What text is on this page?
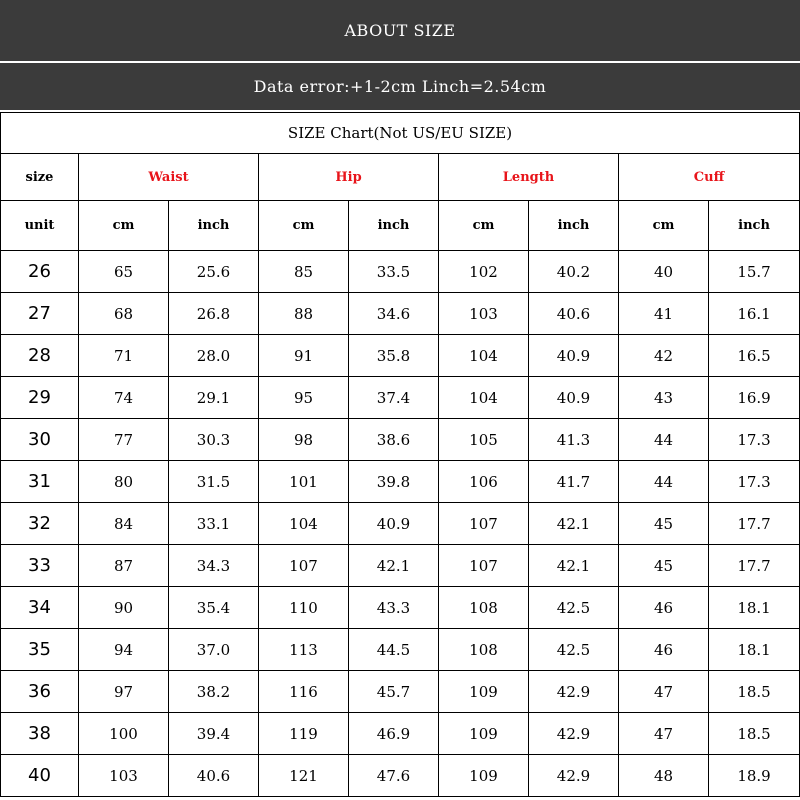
ABOUT SIZE
Data error:+1-2cm Linch=2.54cm
SIZE Chart(Not US/EU SIZE)								
size	Waist		Hip		Length		Cuff	
unit	cm	inch	cm	inch	cm	inch	cm	inch
26	65	25.6	85	33.5	102	40.2	40	15.7
27	68	26.8	88	34.6	103	40.6	41	16.1
28	71	28.0	91	35.8	104	40.9	42	16.5
29	74	29.1	95	37.4	104	40.9	43	16.9
30	77	30.3	98	38.6	105	41.3	44	17.3
31	80	31.5	101	39.8	106	41.7	44	17.3
32	84	33.1	104	40.9	107	42.1	45	17.7
33	87	34.3	107	42.1	107	42.1	45	17.7
34	90	35.4	110	43.3	108	42.5	46	18.1
35	94	37.0	113	44.5	108	42.5	46	18.1
36	97	38.2	116	45.7	109	42.9	47	18.5
38	100	39.4	119	46.9	109	42.9	47	18.5
40	103	40.6	121	47.6	109	42.9	48	18.9
